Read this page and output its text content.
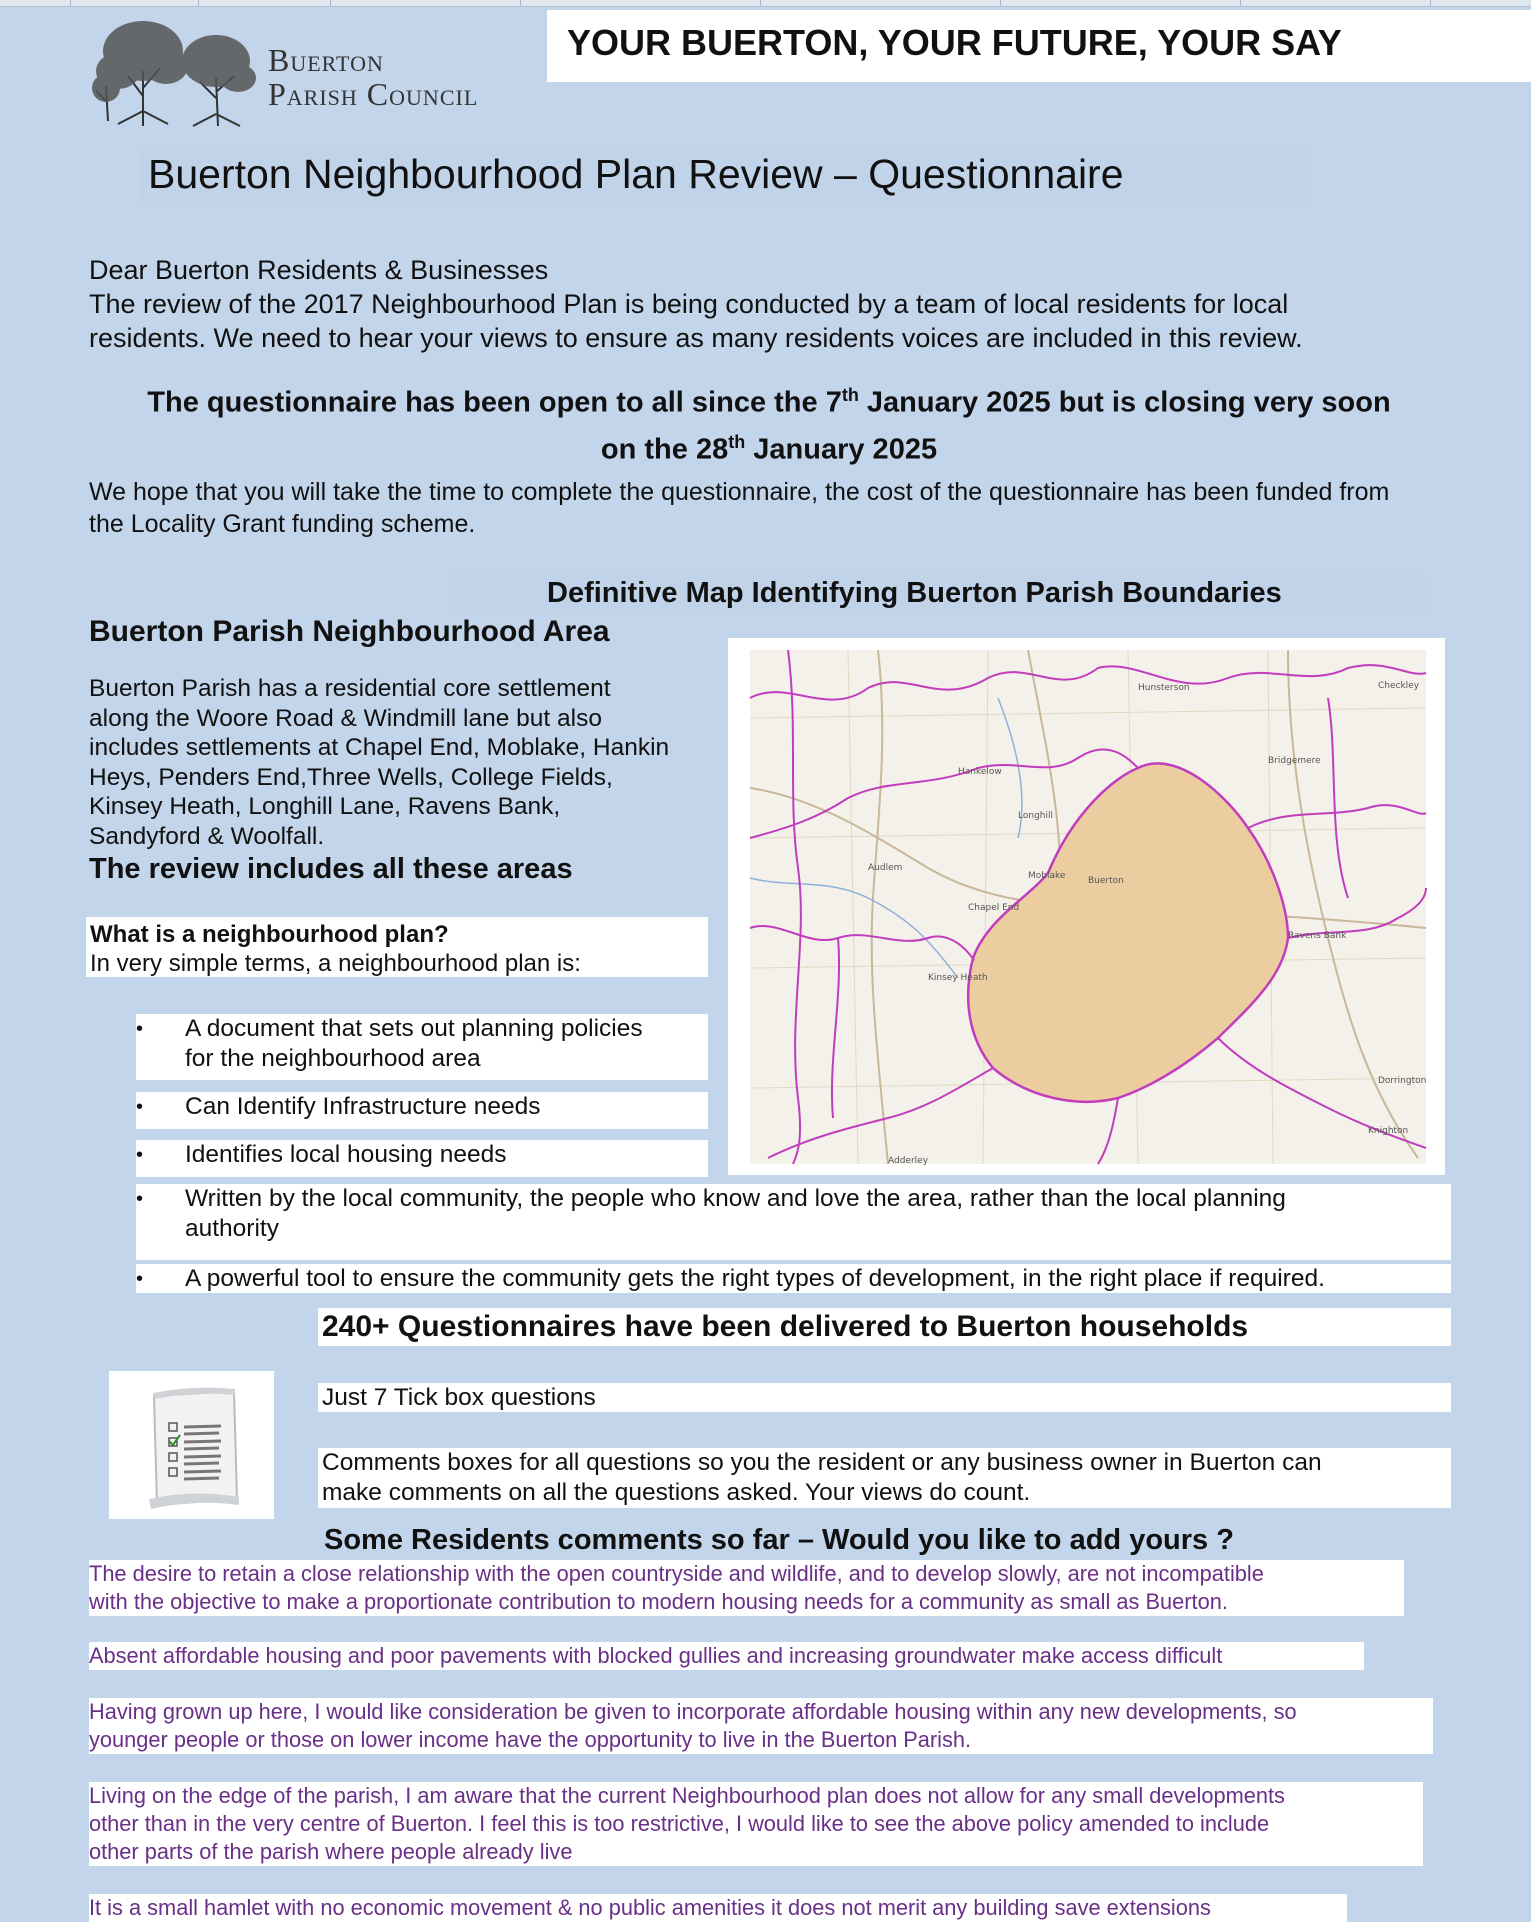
Buerton
Parish Council
YOUR BUERTON, YOUR FUTURE, YOUR SAY
Buerton Neighbourhood Plan Review – Questionnaire
Dear Buerton Residents & Businesses
The review of the 2017 Neighbourhood Plan is being conducted by a team of local residents for local
residents. We need to hear your views to ensure as many residents voices are included in this review.
The questionnaire has been open to all since the 7th January 2025 but is closing very soon
on the 28th January 2025
We hope that you will take the time to complete the questionnaire, the cost of the questionnaire has been funded from
the Locality Grant funding scheme.
Definitive Map Identifying Buerton Parish Boundaries
Buerton Parish Neighbourhood Area
Buerton Parish has a residential core settlement
along the Woore Road & Windmill lane but also
includes settlements at Chapel End, Moblake, Hankin
Heys, Penders End,Three Wells, College Fields,
Kinsey Heath, Longhill Lane, Ravens Bank,
Sandyford & Woolfall.
The review includes all these areas
What is a neighbourhood plan?
In very simple terms, a neighbourhood plan is:
Buerton
Hankelow
Audlem
Chapel End
Moblake
Kinsey Heath
Bridgemere
Checkley
Hunsterson
Dorrington
Knighton
Adderley
Longhill
Ravens Bank
• A document that sets out planning policies
for the neighbourhood area
• Can Identify Infrastructure needs
• Identifies local housing needs
• Written by the local community, the people who know and love the area, rather than the local planning
authority
• A powerful tool to ensure the community gets the right types of development, in the right place if required.
240+ Questionnaires have been delivered to Buerton households
Just 7 Tick box questions
Comments boxes for all questions so you the resident or any business owner in Buerton can
make comments on all the questions asked. Your views do count.
Some Residents comments so far – Would you like to add yours ?
The desire to retain a close relationship with the open countryside and wildlife, and to develop slowly, are not incompatible
with the objective to make a proportionate contribution to modern housing needs for a community as small as Buerton.
Absent affordable housing and poor pavements with blocked gullies and increasing groundwater make access difficult
Having grown up here, I would like consideration be given to incorporate affordable housing within any new developments, so
younger people or those on lower income have the opportunity to live in the Buerton Parish.
Living on the edge of the parish, I am aware that the current Neighbourhood plan does not allow for any small developments
other than in the very centre of Buerton. I feel this is too restrictive, I would like to see the above policy amended to include
other parts of the parish where people already live
It is a small hamlet with no economic movement & no public amenities it does not merit any building save extensions
